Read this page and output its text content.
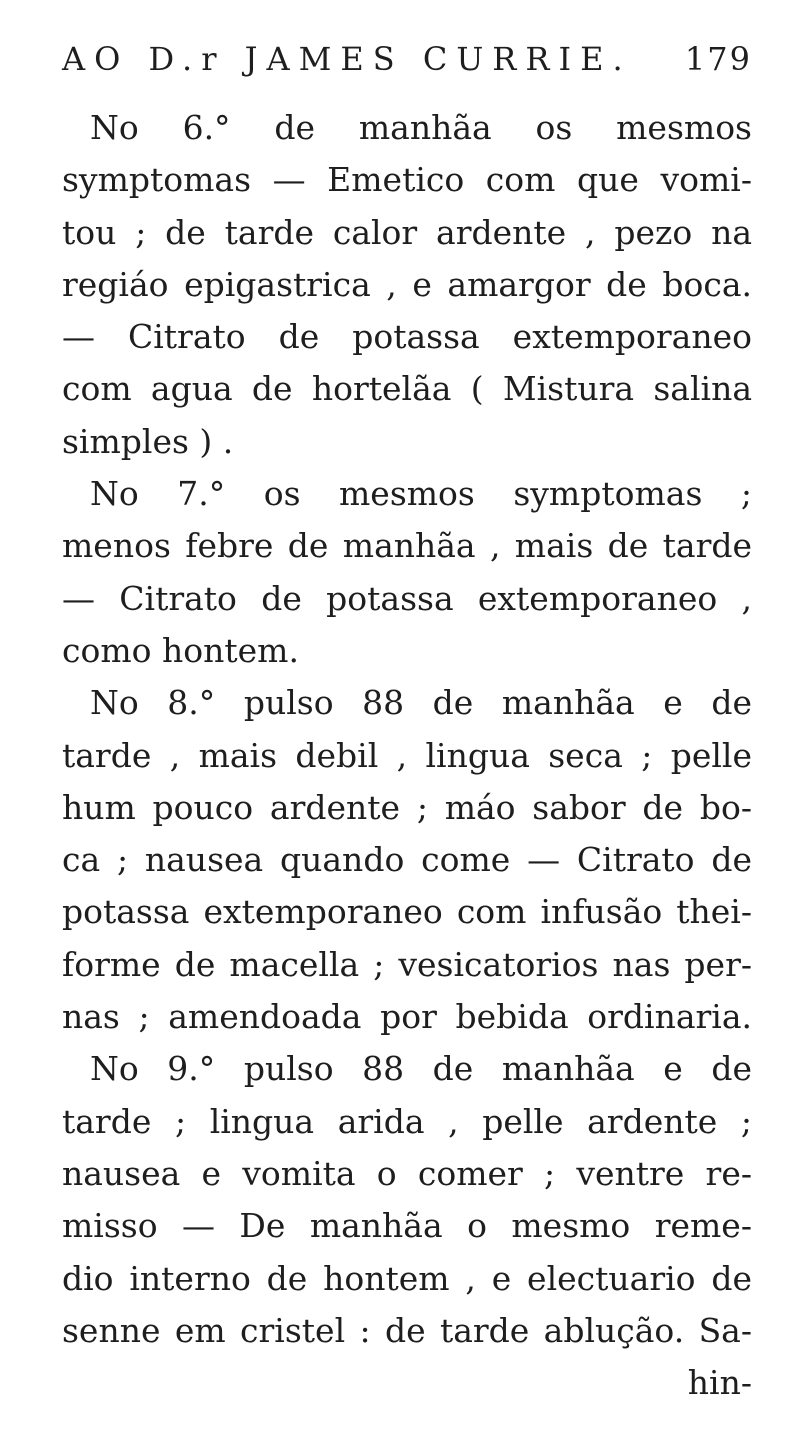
AO D.r JAMES CURRIE. 179
No 6.° de manhãa os mesmos
symptomas — Emetico com que vomi-
tou ; de tarde calor ardente , pezo na
regiáo epigastrica , e amargor de boca.
— Citrato de potassa extemporaneo
com agua de hortelãa ( Mistura salina
simples ) .
No 7.° os mesmos symptomas ;
menos febre de manhãa , mais de tarde
— Citrato de potassa extemporaneo ,
como hontem.
No 8.° pulso 88 de manhãa e de
tarde , mais debil , lingua seca ; pelle
hum pouco ardente ; máo sabor de bo-
ca ; nausea quando come — Citrato de
potassa extemporaneo com infusão thei-
forme de macella ; vesicatorios nas per-
nas ; amendoada por bebida ordinaria.
No 9.° pulso 88 de manhãa e de
tarde ; lingua arida , pelle ardente ;
nausea e vomita o comer ; ventre re-
misso — De manhãa o mesmo reme-
dio interno de hontem , e electuario de
senne em cristel : de tarde ablução. Sa-
hin-
